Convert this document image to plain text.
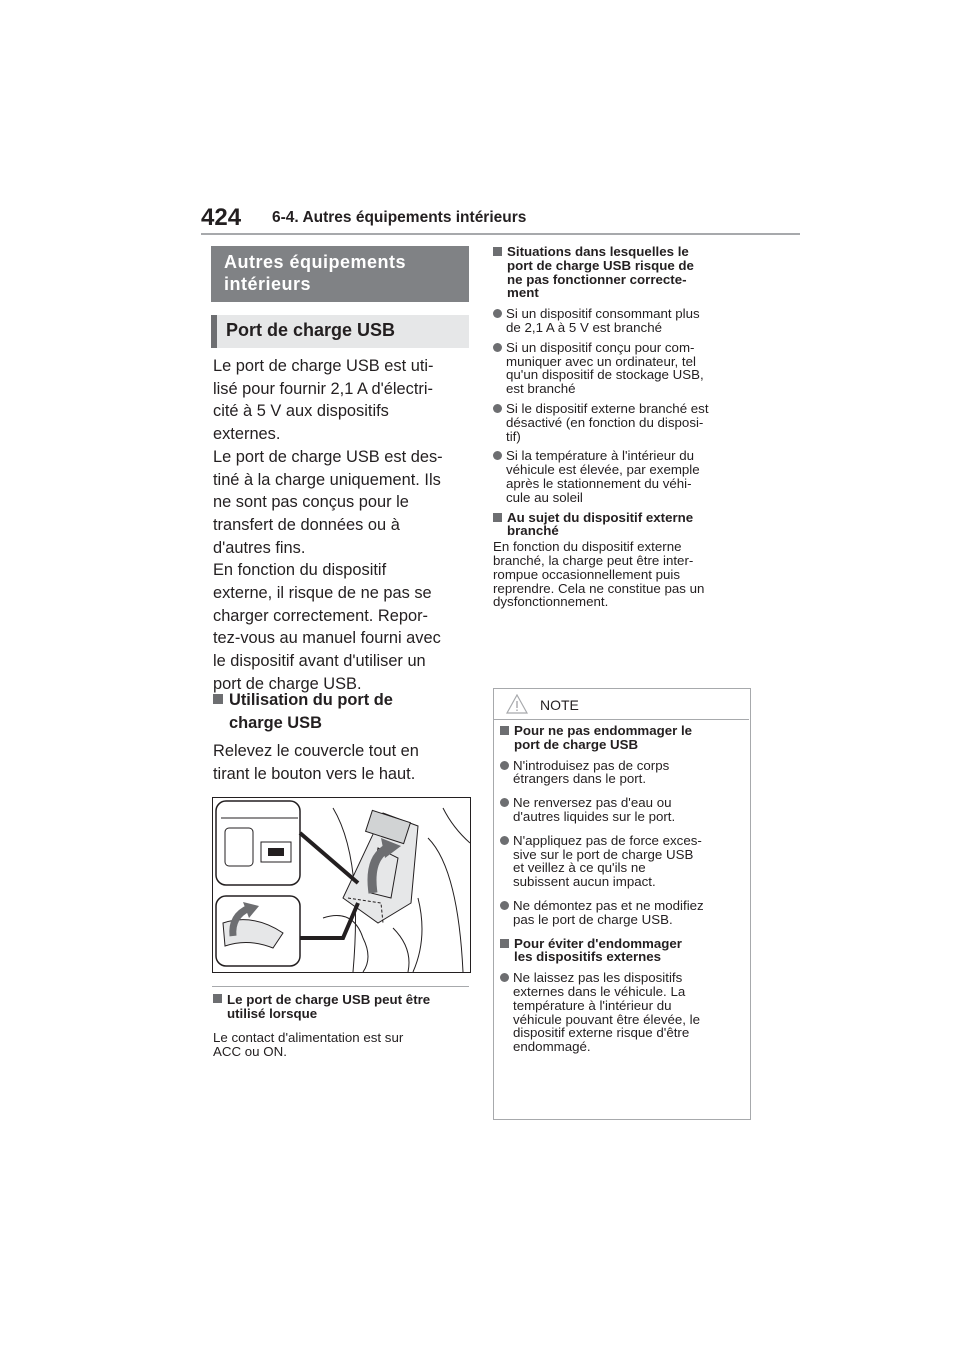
424 6-4. Autres équipements intérieurs
Autres équipements intérieurs
Port de charge USB
Le port de charge USB est uti-
lisé pour fournir 2,1 A d'électri-
cité à 5 V aux dispositifs
externes.
Le port de charge USB est des-
tiné à la charge uniquement. Ils
ne sont pas conçus pour le
transfert de données ou à
d'autres fins.
En fonction du dispositif
externe, il risque de ne pas se
charger correctement. Repor-
tez-vous au manuel fourni avec
le dispositif avant d'utiliser un
port de charge USB.
Utilisation du port de
charge USB
Relevez le couvercle tout en
tirant le bouton vers le haut.
Le port de charge USB peut être
utilisé lorsque
Le contact d'alimentation est sur
ACC ou ON.
Situations dans lesquelles le
port de charge USB risque de
ne pas fonctionner correcte-
ment
Si un dispositif consommant plus
de 2,1 A à 5 V est branché
Si un dispositif conçu pour com-
muniquer avec un ordinateur, tel
qu'un dispositif de stockage USB,
est branché
Si le dispositif externe branché est
désactivé (en fonction du disposi-
tif)
Si la température à l'intérieur du
véhicule est élevée, par exemple
après le stationnement du véhi-
cule au soleil
Au sujet du dispositif externe
branché
En fonction du dispositif externe
branché, la charge peut être inter-
rompue occasionnellement puis
reprendre. Cela ne constitue pas un
dysfonctionnement.
NOTE
Pour ne pas endommager le
port de charge USB
N'introduisez pas de corps
étrangers dans le port.
Ne renversez pas d'eau ou
d'autres liquides sur le port.
N'appliquez pas de force exces-
sive sur le port de charge USB
et veillez à ce qu'ils ne
subissent aucun impact.
Ne démontez pas et ne modifiez
pas le port de charge USB.
Pour éviter d'endommager
les dispositifs externes
Ne laissez pas les dispositifs
externes dans le véhicule. La
température à l'intérieur du
véhicule pouvant être élevée, le
dispositif externe risque d'être
endommagé.
